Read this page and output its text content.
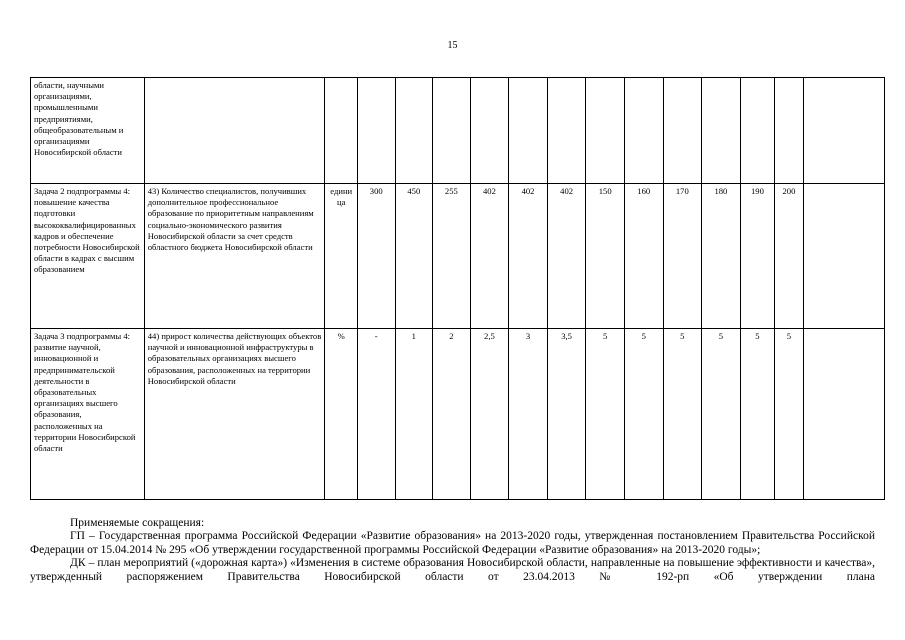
15
области, научными организациями, промышленными предприятиями, общеобразовательным и организациями Новосибирской области															
Задача 2 подпрограммы 4: повышение качества подготовки высококвалифицированных кадров и обеспечение потребности Новосибирской области в кадрах с высшим образованием	43) Количество специалистов, получивших дополнительное профессиональное образование по приоритетным направлениям социально-экономического развития Новосибирской области за счет средств областного бюджета Новосибирской области	единица	300	450	255	402	402	402	150	160	170	180	190	200	
Задача 3 подпрограммы 4: развитие научной, инновационной и предпринимательской деятельности в образовательных организациях высшего образования, расположенных на территории Новосибирской области	44) прирост количества действующих объектов научной и инновационной инфраструктуры в образовательных организациях высшего образования, расположенных на территории Новосибирской области	%	-	1	2	2,5	3	3,5	5	5	5	5	5	5	

Применяемые сокращения:

ГП – Государственная программа Российской Федерации «Развитие образования» на 2013-2020 годы, утвержденная постановлением Правительства Российской Федерации от 15.04.2014 № 295 «Об утверждении государственной программы Российской Федерации «Развитие образования» на 2013-2020 годы»;

ДК – план мероприятий («дорожная карта») «Изменения в системе образования Новосибирской области, направленные на повышение эффективности и качества», утвержденный распоряжением Правительства Новосибирской области от 23.04.2013 № 192-рп «Об утверждении плана
